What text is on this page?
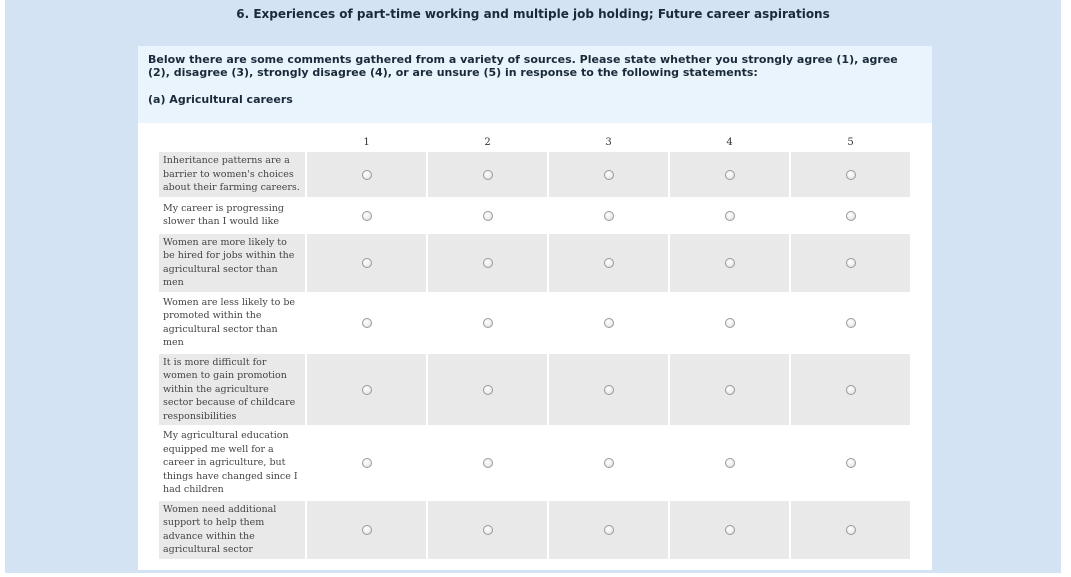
6. Experiences of part-time working and multiple job holding; Future career aspirations
Below there are some comments gathered from a variety of sources. Please state whether you strongly agree (1), agree (2), disagree (3), strongly disagree (4), or are unsure (5) in response to the following statements:
(a) Agricultural careers
	1	2	3	4	5
Inheritance patterns are a barrier to women's choices about their farming careers.					
My career is progressing slower than I would like					
Women are more likely to be hired for jobs within the agricultural sector than men					
Women are less likely to be promoted within the agricultural sector than men					
It is more difficult for women to gain promotion within the agriculture sector because of childcare responsibilities					
My agricultural education equipped me well for a career in agriculture, but things have changed since I had children					
Women need additional support to help them advance within the agricultural sector					
